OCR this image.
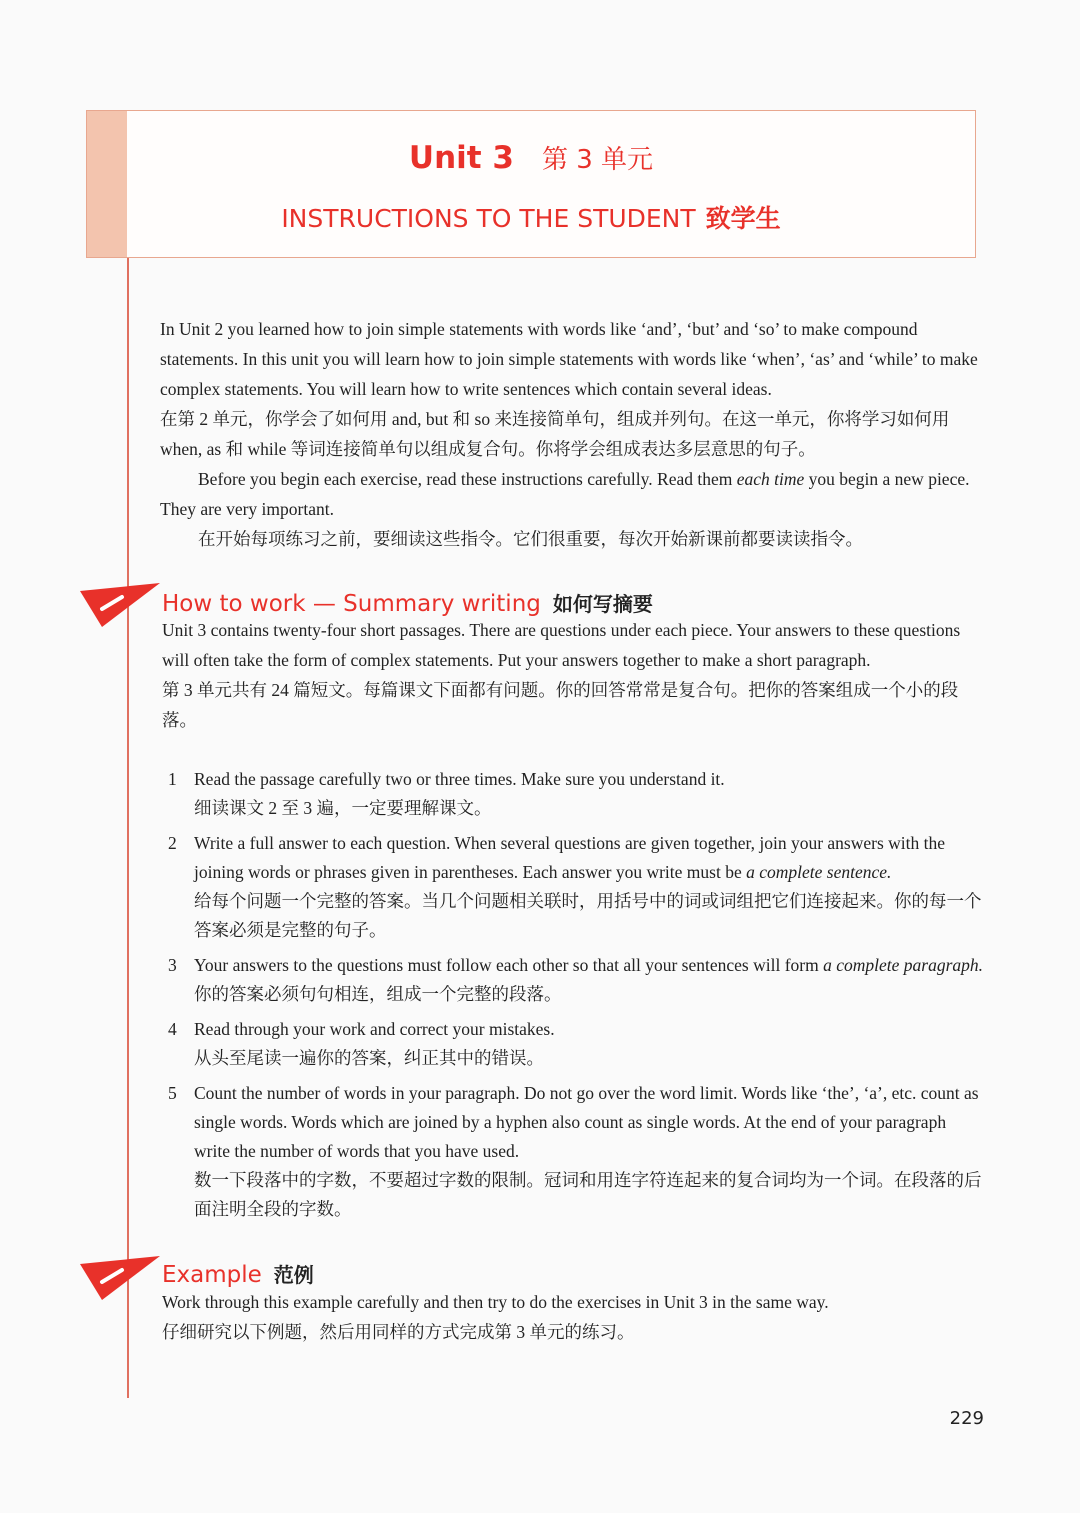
Unit 3 第 3 单元
INSTRUCTIONS TO THE STUDENT 致学生

In Unit 2 you learned how to join simple statements with words like ‘and’, ‘but’ and ‘so’ to make compound statements. In this unit you will learn how to join simple statements with words like ‘when’, ‘as’ and ‘while’ to make complex statements. You will learn how to write sentences which contain several ideas.

在第 2 单元，你学会了如何用 and, but 和 so 来连接简单句，组成并列句。在这一单元，你将学习如何用 when, as 和 while 等词连接简单句以组成复合句。你将学会组成表达多层意思的句子。

Before you begin each exercise, read these instructions carefully. Read them each time you begin a new piece. They are very important.

在开始每项练习之前，要细读这些指令。它们很重要，每次开始新课前都要读读指令。

How to work — Summary writing 如何写摘要

Unit 3 contains twenty-four short passages. There are questions under each piece. Your answers to these questions will often take the form of complex statements. Put your answers together to make a short paragraph.

第 3 单元共有 24 篇短文。每篇课文下面都有问题。你的回答常常是复合句。把你的答案组成一个小的段落。

1 Read the passage carefully two or three times. Make sure you understand it.

细读课文 2 至 3 遍，一定要理解课文。

2 Write a full answer to each question. When several questions are given together, join your answers with the joining words or phrases given in parentheses. Each answer you write must be a complete sentence.

给每个问题一个完整的答案。当几个问题相关联时，用括号中的词或词组把它们连接起来。你的每一个答案必须是完整的句子。

3 Your answers to the questions must follow each other so that all your sentences will form a complete paragraph.

你的答案必须句句相连，组成一个完整的段落。

4 Read through your work and correct your mistakes.

从头至尾读一遍你的答案，纠正其中的错误。

5 Count the number of words in your paragraph. Do not go over the word limit. Words like ‘the’, ‘a’, etc. count as single words. Words which are joined by a hyphen also count as single words. At the end of your paragraph write the number of words that you have used.

数一下段落中的字数，不要超过字数的限制。冠词和用连字符连起来的复合词均为一个词。在段落的后面注明全段的字数。

Example 范例

Work through this example carefully and then try to do the exercises in Unit 3 in the same way.

仔细研究以下例题，然后用同样的方式完成第 3 单元的练习。

229
